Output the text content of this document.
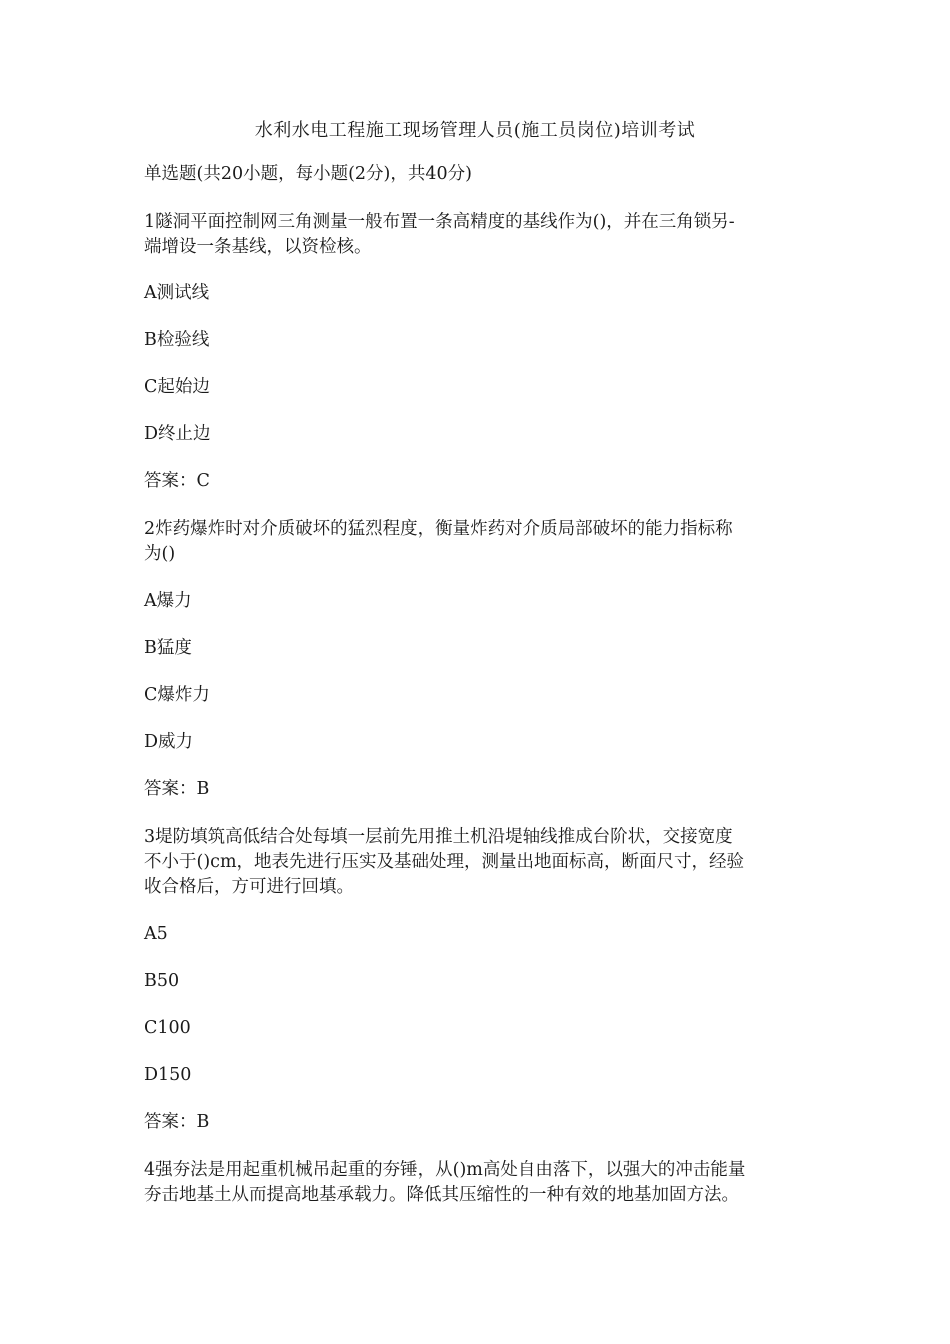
水利水电工程施工现场管理人员(施工员岗位)培训考试

单选题(共20小题，每小题(2分)，共40分)

1隧洞平面控制网三角测量一般布置一条高精度的基线作为()，并在三角锁另-

端增设一条基线，以资检核。

A测试线

B检验线

C起始边

D终止边

答案：C

2炸药爆炸时对介质破坏的猛烈程度，衡量炸药对介质局部破坏的能力指标称

为()

A爆力

B猛度

C爆炸力

D威力

答案：B

3堤防填筑高低结合处每填一层前先用推土机沿堤轴线推成台阶状，交接宽度

不小于()cm，地表先进行压实及基础处理，测量出地面标高，断面尺寸，经验

收合格后，方可进行回填。

A5

B50

C100

D150

答案：B

4强夯法是用起重机械吊起重的夯锤，从()m高处自由落下，以强大的冲击能量

夯击地基土从而提高地基承载力。降低其压缩性的一种有效的地基加固方法。
